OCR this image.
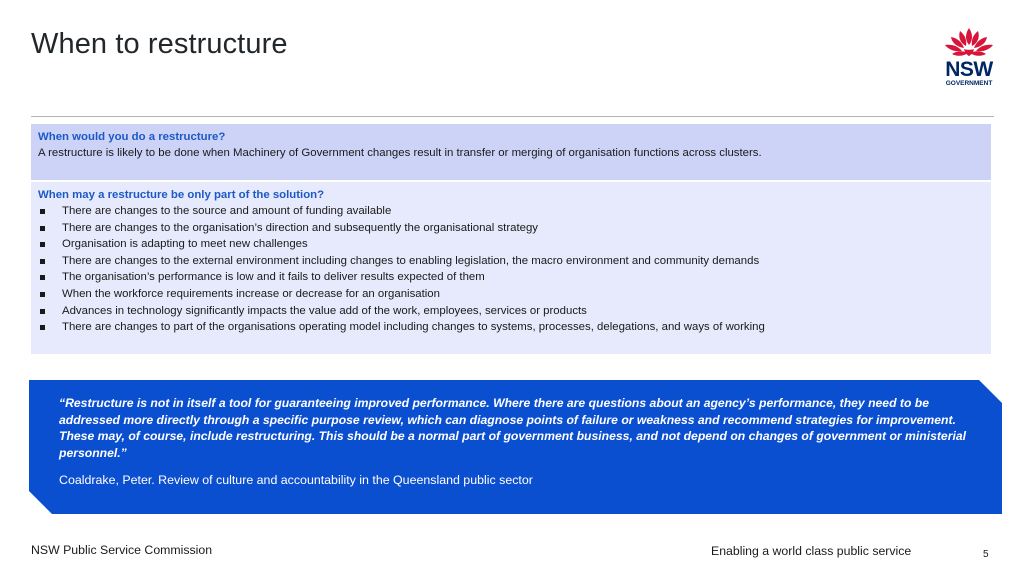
When to restructure
NSW
GOVERNMENT
When would you do a restructure?
A restructure is likely to be done when Machinery of Government changes result in transfer or merging of organisation functions across clusters.
When may a restructure be only part of the solution?
There are changes to the source and amount of funding available
There are changes to the organisation’s direction and subsequently the organisational strategy
Organisation is adapting to meet new challenges
There are changes to the external environment including changes to enabling legislation, the macro environment and community demands
The organisation’s performance is low and it fails to deliver results expected of them
When the workforce requirements increase or decrease for an organisation
Advances in technology significantly impacts the value add of the work, employees, services or products
There are changes to part of the organisations operating model including changes to systems, processes, delegations, and ways of working
“Restructure is not in itself a tool for guaranteeing improved performance. Where there are questions about an agency’s performance, they need to be addressed more directly through a specific purpose review, which can diagnose points of failure or weakness and recommend strategies for improvement. These may, of course, include restructuring. This should be a normal part of government business, and not depend on changes of government or ministerial personnel.”
Coaldrake, Peter. Review of culture and accountability in the Queensland public sector
NSW Public Service Commission	Enabling a world class public service	5
